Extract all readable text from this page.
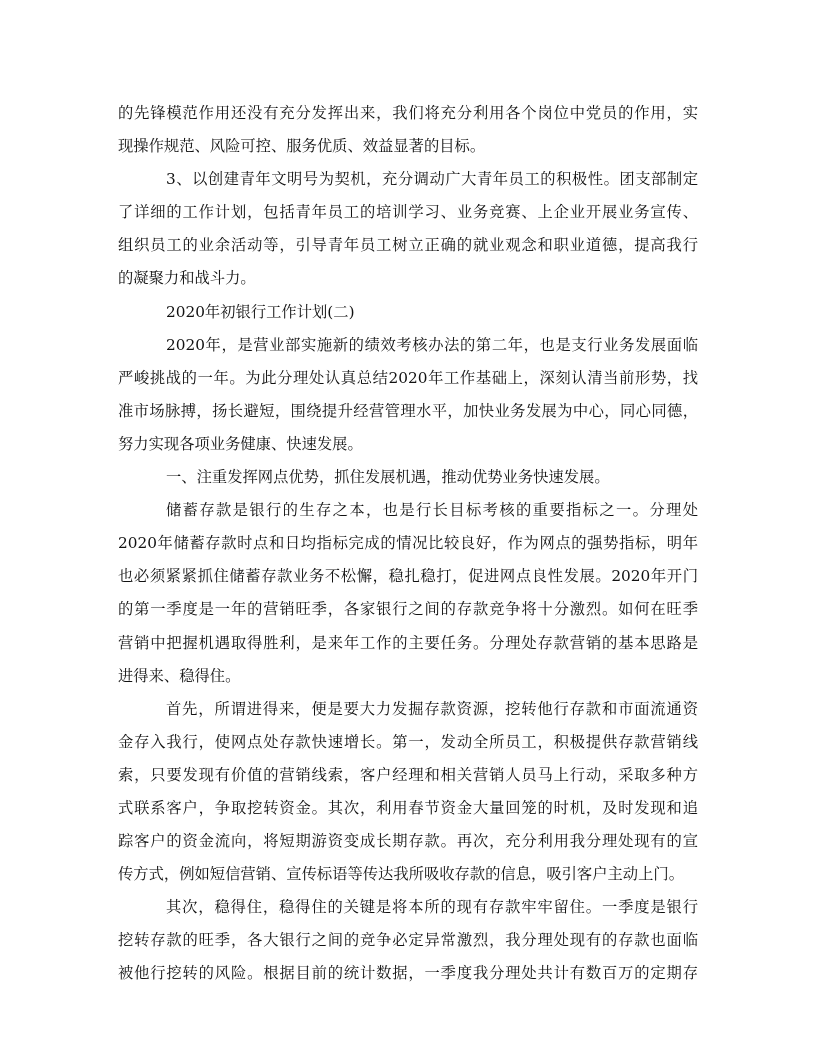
的先锋模范作用还没有充分发挥出来，我们将充分利用各个岗位中党员的作用，实
现操作规范、风险可控、服务优质、效益显著的目标。
3、以创建青年文明号为契机，充分调动广大青年员工的积极性。团支部制定
了详细的工作计划，包括青年员工的培训学习、业务竞赛、上企业开展业务宣传、
组织员工的业余活动等，引导青年员工树立正确的就业观念和职业道德，提高我行
的凝聚力和战斗力。
2020年初银行工作计划(二)
2020年，是营业部实施新的绩效考核办法的第二年，也是支行业务发展面临
严峻挑战的一年。为此分理处认真总结2020年工作基础上，深刻认清当前形势，找
准市场脉搏，扬长避短，围绕提升经营管理水平，加快业务发展为中心，同心同德，
努力实现各项业务健康、快速发展。
一、注重发挥网点优势，抓住发展机遇，推动优势业务快速发展。
储蓄存款是银行的生存之本，也是行长目标考核的重要指标之一。分理处
2020年储蓄存款时点和日均指标完成的情况比较良好，作为网点的强势指标，明年
也必须紧紧抓住储蓄存款业务不松懈，稳扎稳打，促进网点良性发展。2020年开门
的第一季度是一年的营销旺季，各家银行之间的存款竞争将十分激烈。如何在旺季
营销中把握机遇取得胜利，是来年工作的主要任务。分理处存款营销的基本思路是
进得来、稳得住。
首先，所谓进得来，便是要大力发掘存款资源，挖转他行存款和市面流通资
金存入我行，使网点处存款快速增长。第一，发动全所员工，积极提供存款营销线
索，只要发现有价值的营销线索，客户经理和相关营销人员马上行动，采取多种方
式联系客户，争取挖转资金。其次，利用春节资金大量回笼的时机，及时发现和追
踪客户的资金流向，将短期游资变成长期存款。再次，充分利用我分理处现有的宣
传方式，例如短信营销、宣传标语等传达我所吸收存款的信息，吸引客户主动上门。
其次，稳得住，稳得住的关键是将本所的现有存款牢牢留住。一季度是银行
挖转存款的旺季，各大银行之间的竞争必定异常激烈，我分理处现有的存款也面临
被他行挖转的风险。根据目前的统计数据，一季度我分理处共计有数百万的定期存
